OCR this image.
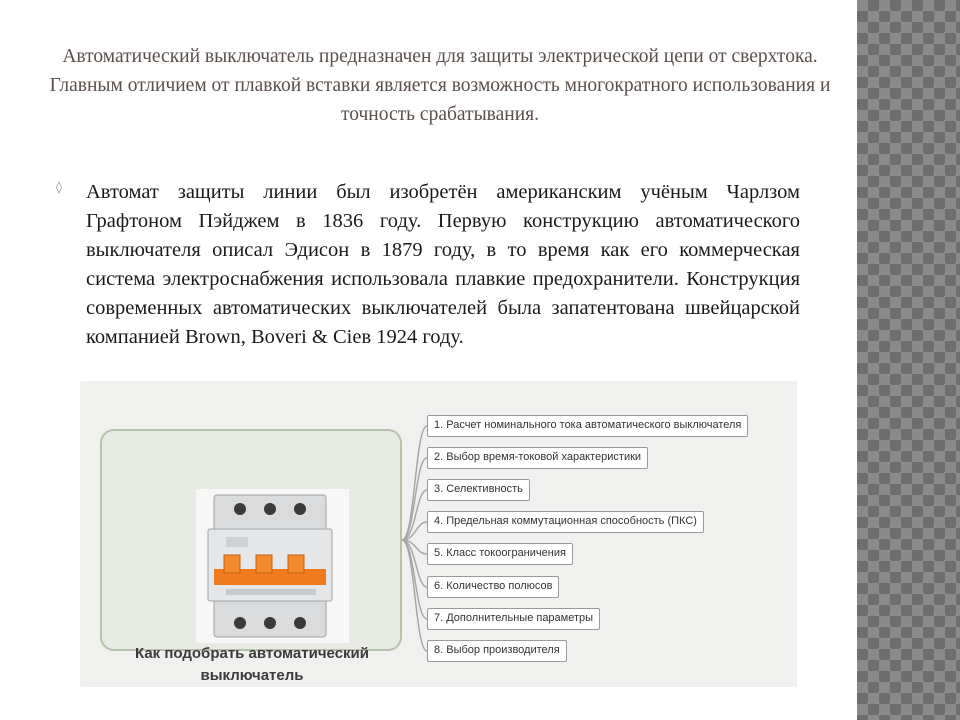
Автоматический выключатель предназначен для защиты электрической цепи от сверхтока. Главным отличием от плавкой вставки является возможность многократного использования и точность срабатывания.
◊ Автомат защиты линии был изобретён американским учёным Чарлзом Графтоном Пэйджем в 1836 году. Первую конструкцию автоматического выключателя описал Эдисон в 1879 году, в то время как его коммерческая система электроснабжения использовала плавкие предохранители. Конструкция современных автоматических выключателей была запатентована швейцарской компанией Brown, Boveri & Cieв 1924 году.

Как подобрать автоматический выключатель
1. Расчет номинального тока автоматического выключателя
2. Выбор время-токовой характеристики
3. Селективность
4. Предельная коммутационная способность (ПКС)
5. Класс токоограничения
6. Количество полюсов
7. Дополнительные параметры
8. Выбор производителя
